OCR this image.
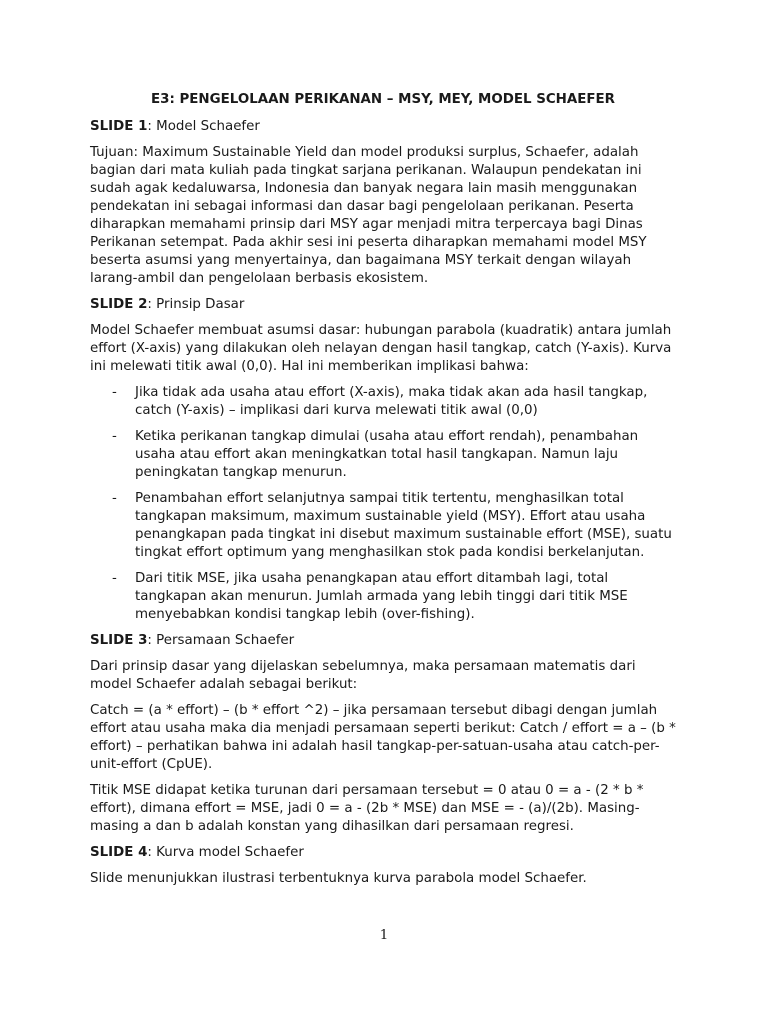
E3: PENGELOLAAN PERIKANAN – MSY, MEY, MODEL SCHAEFER
SLIDE 1: Model Schaefer

Tujuan: Maximum Sustainable Yield dan model produksi surplus, Schaefer, adalah bagian dari mata kuliah pada tingkat sarjana perikanan. Walaupun pendekatan ini sudah agak kedaluwarsa, Indonesia dan banyak negara lain masih menggunakan pendekatan ini sebagai informasi dan dasar bagi pengelolaan perikanan. Peserta diharapkan memahami prinsip dari MSY agar menjadi mitra terpercaya bagi Dinas Perikanan setempat. Pada akhir sesi ini peserta diharapkan memahami model MSY beserta asumsi yang menyertainya, dan bagaimana MSY terkait dengan wilayah larang-ambil dan pengelolaan berbasis ekosistem.

SLIDE 2: Prinsip Dasar

Model Schaefer membuat asumsi dasar: hubungan parabola (kuadratik) antara jumlah effort (X-axis) yang dilakukan oleh nelayan dengan hasil tangkap, catch (Y-axis). Kurva ini melewati titik awal (0,0). Hal ini memberikan implikasi bahwa:

- Jika tidak ada usaha atau effort (X-axis), maka tidak akan ada hasil tangkap, catch (Y-axis) – implikasi dari kurva melewati titik awal (0,0)
- Ketika perikanan tangkap dimulai (usaha atau effort rendah), penambahan usaha atau effort akan meningkatkan total hasil tangkapan. Namun laju peningkatan tangkap menurun.
- Penambahan effort selanjutnya sampai titik tertentu, menghasilkan total tangkapan maksimum, maximum sustainable yield (MSY). Effort atau usaha penangkapan pada tingkat ini disebut maximum sustainable effort (MSE), suatu tingkat effort optimum yang menghasilkan stok pada kondisi berkelanjutan.
- Dari titik MSE, jika usaha penangkapan atau effort ditambah lagi, total tangkapan akan menurun. Jumlah armada yang lebih tinggi dari titik MSE menyebabkan kondisi tangkap lebih (over-fishing).
SLIDE 3: Persamaan Schaefer

Dari prinsip dasar yang dijelaskan sebelumnya, maka persamaan matematis dari model Schaefer adalah sebagai berikut:

Catch = (a * effort) – (b * effort ^2) – jika persamaan tersebut dibagi dengan jumlah effort atau usaha maka dia menjadi persamaan seperti berikut: Catch / effort = a – (b * effort) – perhatikan bahwa ini adalah hasil tangkap-per-satuan-usaha atau catch-per-unit-effort (CpUE).

Titik MSE didapat ketika turunan dari persamaan tersebut = 0 atau 0 = a - (2 * b * effort), dimana effort = MSE, jadi 0 = a - (2b * MSE) dan MSE = - (a)/(2b). Masing-masing a dan b adalah konstan yang dihasilkan dari persamaan regresi.

SLIDE 4: Kurva model Schaefer

Slide menunjukkan ilustrasi terbentuknya kurva parabola model Schaefer.

1
